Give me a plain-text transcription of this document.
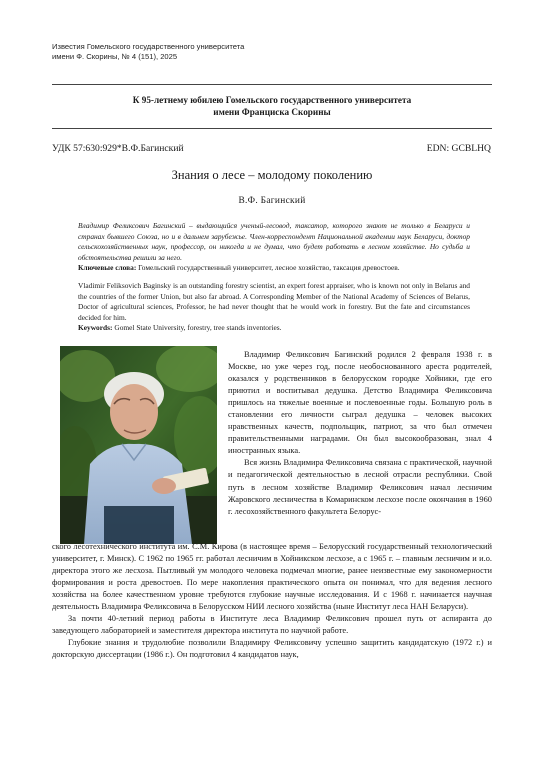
Известия Гомельского государственного университета
имени Ф. Скорины, № 4 (151), 2025
К 95-летнему юбилею Гомельского государственного университета
имени Франциска Скорины
УДК 57:630:929*В.Ф.Багинский	EDN: GCBLHQ
Знания о лесе – молодому поколению
В.Ф. Багинский
Владимир Феликсович Багинский – выдающийся ученый-лесовод, таксатор, которого знают не только в Беларуси и странах бывшего Союза, но и в дальнем зарубежье. Член-корреспондент Национальной академии наук Беларуси, доктор сельскохозяйственных наук, профессор, он никогда и не думал, что будет работать в лесном хозяйстве. Но судьба и обстоятельства решили за него.
Ключевые слова: Гомельский государственный университет, лесное хозяйство, таксация древостоев.
Vladimir Feliksovich Baginsky is an outstanding forestry scientist, an expert forest appraiser, who is known not only in Belarus and the countries of the former Union, but also far abroad. A Corresponding Member of the National Academy of Sciences of Belarus, Doctor of agricultural sciences, Professor, he had never thought that he would work in forestry. But the fate and circumstances decided for him.
Keywords: Gomel State University, forestry, tree stands inventories.

Владимир Феликсович Багинский родился 2 февраля 1938 г. в Москве, но уже через год, после необоснованного ареста родителей, оказался у родственников в белорусском городке Хойники, где его приютил и воспитывал дедушка. Детство Владимира Феликсовича пришлось на тяжелые военные и послевоенные годы. Большую роль в становлении его личности сыграл дедушка – человек высоких нравственных качеств, подпольщик, патриот, за что был отмечен правительственными наградами. Он был высокообразован, знал 4 иностранных языка.

Вся жизнь Владимира Феликсовича связана с практической, научной и педагогической деятельностью в лесной отрасли республики. Свой путь в лесном хозяйстве Владимир Феликсович начал лесничим Жаровского лесничества в Комаринском лесхозе после окончания в 1960 г. лесохозяйственного факультета Белорус-

ского лесотехнического института им. С.М. Кирова (в настоящее время – Белорусский государственный технологический университет, г. Минск). С 1962 по 1965 гг. работал лесничим в Хойникском лесхозе, а с 1965 г. – главным лесничим и и.о. директора этого же лесхоза. Пытливый ум молодого человека подмечал многие, ранее неизвестные ему закономерности формирования и роста древостоев. По мере накопления практического опыта он понимал, что для ведения лесного хозяйства на более качественном уровне требуются глубокие научные исследования. И с 1968 г. начинается научная деятельность Владимира Феликсовича в Белорусском НИИ лесного хозяйства (ныне Институт леса НАН Беларуси).

За почти 40-летний период работы в Институте леса Владимир Феликсович прошел путь от аспиранта до заведующего лабораторией и заместителя директора института по научной работе.

Глубокие знания и трудолюбие позволили Владимиру Феликсовичу успешно защитить кандидатскую (1972 г.) и докторскую диссертации (1986 г.). Он подготовил 4 кандидатов наук,
